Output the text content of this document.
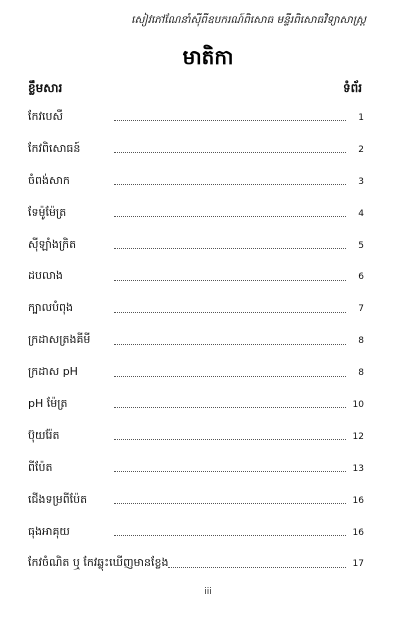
សៀវភៅណែនាំស៊ីពីឧបករណ៍ពិសោធ មន្ទីរពិសោធវិទ្យាសាស្ត្រ
មាតិកា
ខ្លឹមសារ	ទំព័រ
កែវបេសឺ	1
កែវពិសោធន៍	2
ចំពង់សាក	3
ទែម៉ូម៉ែត្រ	4
ស៊ីឡាំងក្រិត	5
ដបលាង	6
ក្បាលបំពុង	7
ក្រដាសត្រងគីមី	8
ក្រដាស pH	8
pH ម៉ែត្រ	10
ប៊ុយរ៉ែត	12
ពីប៉ែត	13
ជើងទម្រពីប៉ែត	16
ធុងអាគុយ	16
កែវចំណិត ឬ កែវឆ្លុះឃើញមានខ្លែង	17
iii
